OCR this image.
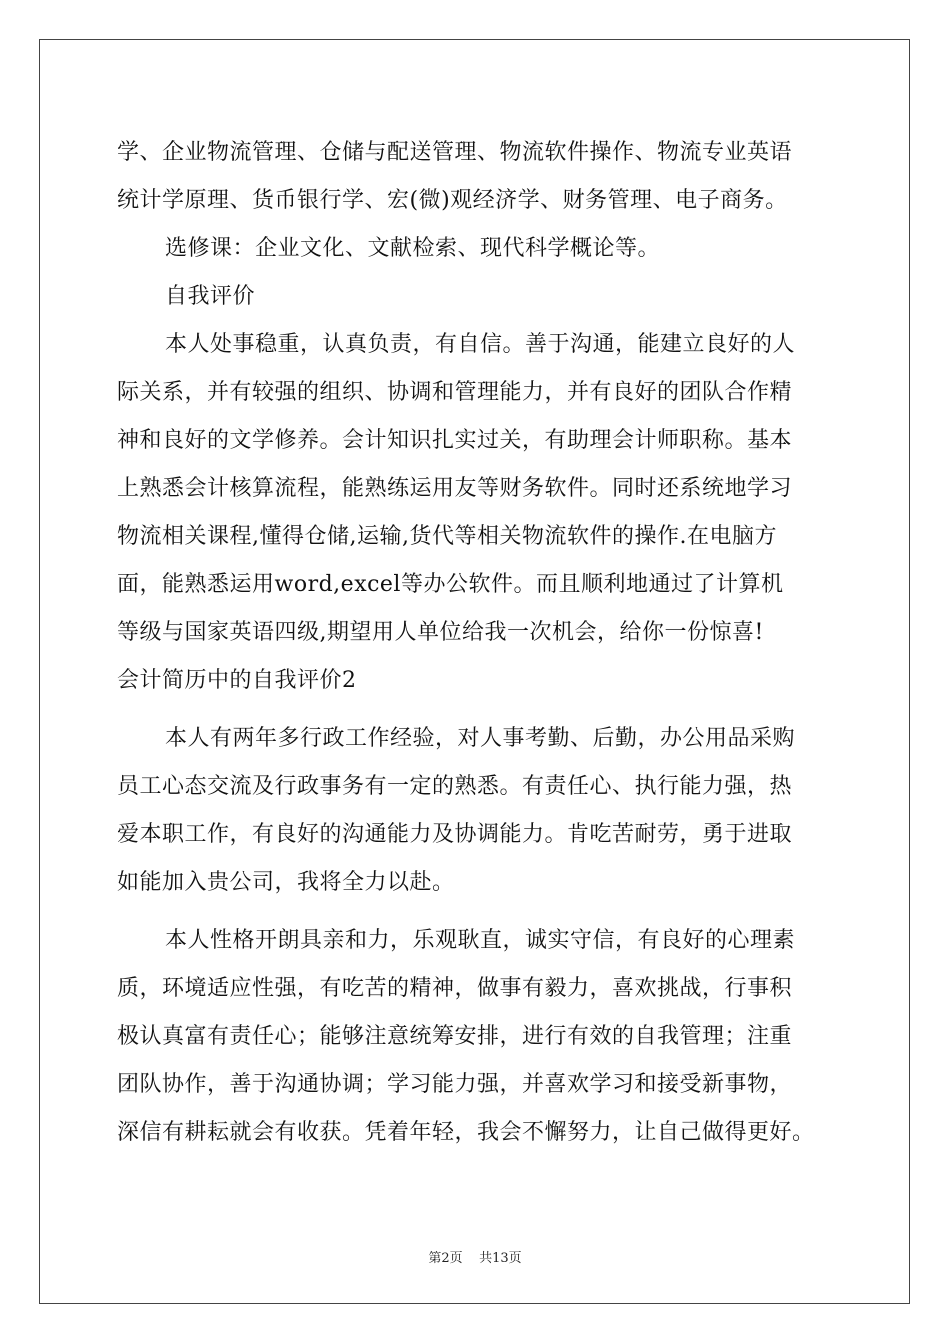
学、企业物流管理、仓储与配送管理、物流软件操作、物流专业英语
统计学原理、货币银行学、宏(微)观经济学、财务管理、电子商务。
选修课：企业文化、文献检索、现代科学概论等。
自我评价
本人处事稳重，认真负责，有自信。善于沟通，能建立良好的人
际关系，并有较强的组织、协调和管理能力，并有良好的团队合作精
神和良好的文学修养。会计知识扎实过关，有助理会计师职称。基本
上熟悉会计核算流程，能熟练运用友等财务软件。同时还系统地学习
物流相关课程,懂得仓储,运输,货代等相关物流软件的操作.在电脑方
面，能熟悉运用word,excel等办公软件。而且顺利地通过了计算机
等级与国家英语四级,期望用人单位给我一次机会，给你一份惊喜!
会计简历中的自我评价2
本人有两年多行政工作经验，对人事考勤、后勤，办公用品采购
员工心态交流及行政事务有一定的熟悉。有责任心、执行能力强，热
爱本职工作，有良好的沟通能力及协调能力。肯吃苦耐劳，勇于进取
如能加入贵公司，我将全力以赴。
本人性格开朗具亲和力，乐观耿直，诚实守信，有良好的心理素
质，环境适应性强，有吃苦的精神，做事有毅力，喜欢挑战，行事积
极认真富有责任心；能够注意统筹安排，进行有效的自我管理；注重
团队协作，善于沟通协调；学习能力强，并喜欢学习和接受新事物，
深信有耕耘就会有收获。凭着年轻，我会不懈努力，让自己做得更好。
第2页 共13页
